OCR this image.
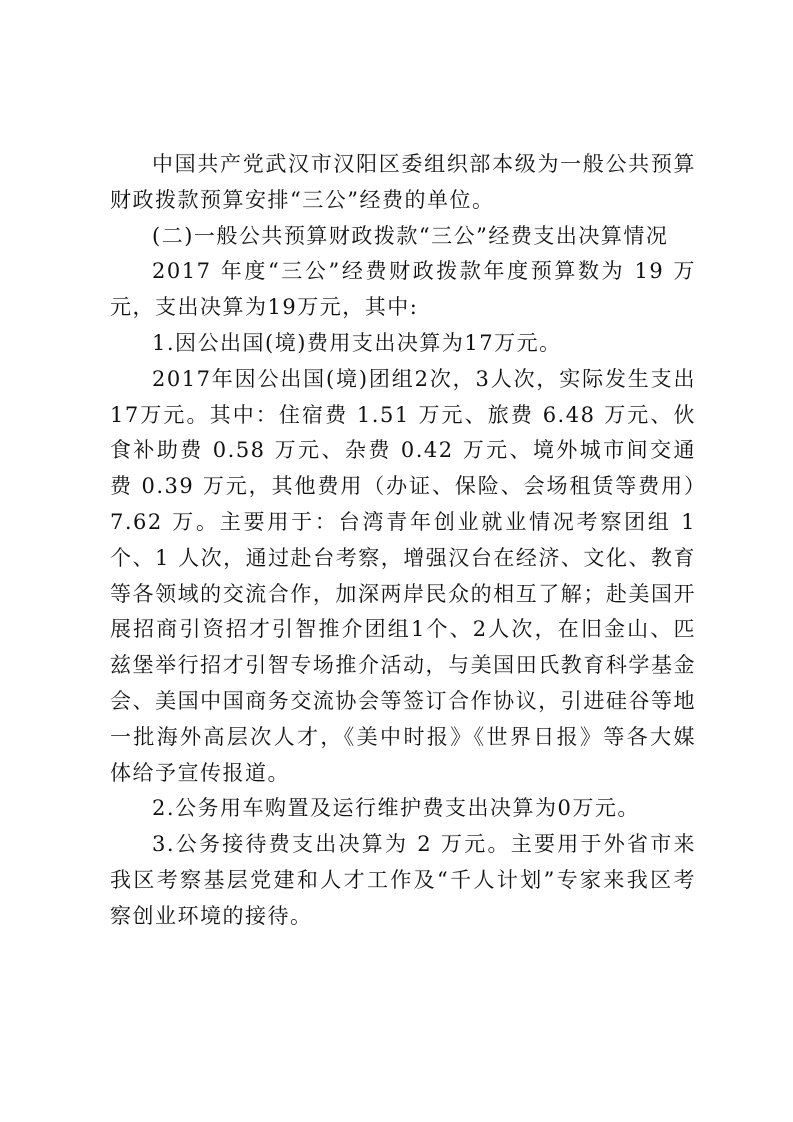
中国共产党武汉市汉阳区委组织部本级为一般公共预算财政拨款预算安排“三公”经费的单位。

(二)一般公共预算财政拨款“三公”经费支出决算情况

2017 年度“三公”经费财政拨款年度预算数为 19 万元，支出决算为19万元，其中:

1.因公出国(境)费用支出决算为17万元。

2017年因公出国(境)团组2次，3人次，实际发生支出17万元。其中：住宿费 1.51 万元、旅费 6.48 万元、伙食补助费 0.58 万元、杂费 0.42 万元、境外城市间交通费 0.39 万元，其他费用（办证、保险、会场租赁等费用）7.62 万。主要用于：台湾青年创业就业情况考察团组 1 个、1 人次，通过赴台考察，增强汉台在经济、文化、教育等各领域的交流合作，加深两岸民众的相互了解；赴美国开展招商引资招才引智推介团组1个、2人次，在旧金山、匹兹堡举行招才引智专场推介活动，与美国田氏教育科学基金会、美国中国商务交流协会等签订合作协议，引进硅谷等地一批海外高层次人才，《美中时报》《世界日报》等各大媒体给予宣传报道。

2.公务用车购置及运行维护费支出决算为0万元。

3.公务接待费支出决算为 2 万元。主要用于外省市来我区考察基层党建和人才工作及“千人计划”专家来我区考察创业环境的接待。
